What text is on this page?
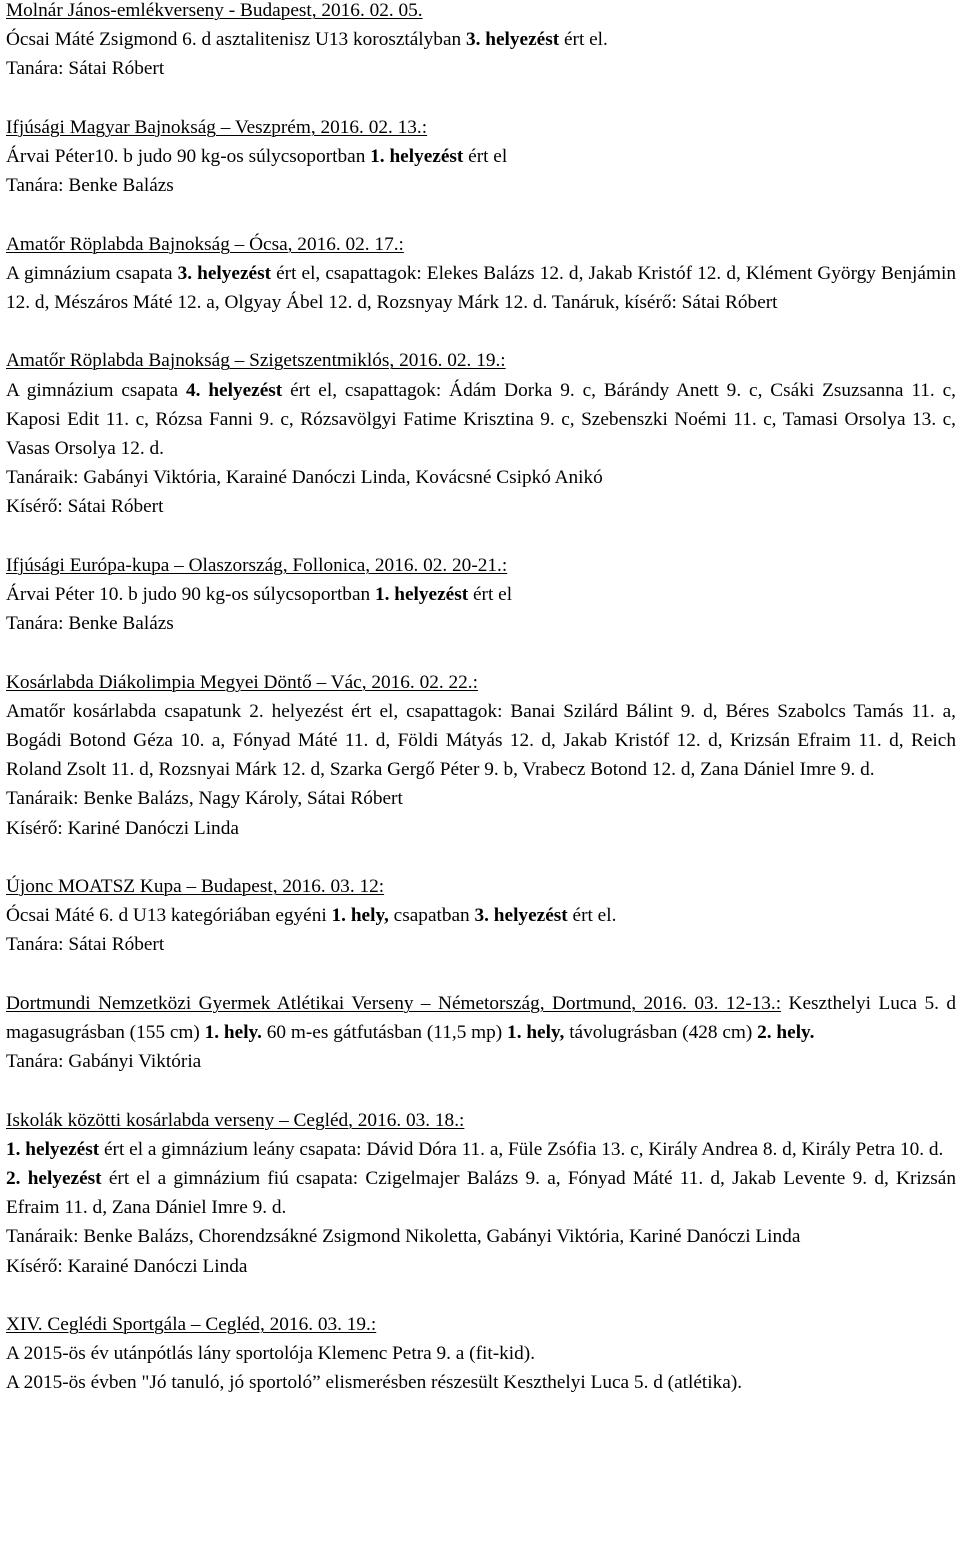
Molnár János-emlékverseny - Budapest, 2016. 02. 05.
Ócsai Máté Zsigmond 6. d asztalitenisz U13 korosztályban 3. helyezést ért el.
Tanára: Sátai Róbert
Ifjúsági Magyar Bajnokság – Veszprém, 2016. 02. 13.:
Árvai Péter10. b judo 90 kg-os súlycsoportban 1. helyezést ért el
Tanára: Benke Balázs
Amatőr Röplabda Bajnokság – Ócsa, 2016. 02. 17.:
A gimnázium csapata 3. helyezést ért el, csapattagok: Elekes Balázs 12. d, Jakab Kristóf 12. d, Klément György Benjámin 12. d, Mészáros Máté 12. a, Olgyay Ábel 12. d, Rozsnyay Márk 12. d. Tanáruk, kísérő: Sátai Róbert
Amatőr Röplabda Bajnokság – Szigetszentmiklós, 2016. 02. 19.:
A gimnázium csapata 4. helyezést ért el, csapattagok: Ádám Dorka 9. c, Bárándy Anett 9. c, Csáki Zsuzsanna 11. c, Kaposi Edit 11. c, Rózsa Fanni 9. c, Rózsavölgyi Fatime Krisztina 9. c, Szebenszki Noémi 11. c, Tamasi Orsolya 13. c, Vasas Orsolya 12. d.
Tanáraik: Gabányi Viktória, Karainé Danóczi Linda, Kovácsné Csipkó Anikó
Kísérő: Sátai Róbert
Ifjúsági Európa-kupa – Olaszország, Follonica, 2016. 02. 20-21.:
Árvai Péter 10. b judo 90 kg-os súlycsoportban 1. helyezést ért el
Tanára: Benke Balázs
Kosárlabda Diákolimpia Megyei Döntő – Vác, 2016. 02. 22.:
Amatőr kosárlabda csapatunk 2. helyezést ért el, csapattagok: Banai Szilárd Bálint 9. d, Béres Szabolcs Tamás 11. a, Bogádi Botond Géza 10. a, Fónyad Máté 11. d, Földi Mátyás 12. d, Jakab Kristóf 12. d, Krizsán Efraim 11. d, Reich Roland Zsolt 11. d, Rozsnyai Márk 12. d, Szarka Gergő Péter 9. b, Vrabecz Botond 12. d, Zana Dániel Imre 9. d.
Tanáraik: Benke Balázs, Nagy Károly, Sátai Róbert
Kísérő: Kariné Danóczi Linda
Újonc MOATSZ Kupa – Budapest, 2016. 03. 12:
Ócsai Máté 6. d U13 kategóriában egyéni 1. hely, csapatban 3. helyezést ért el.
Tanára: Sátai Róbert
Dortmundi Nemzetközi Gyermek Atlétikai Verseny – Németország, Dortmund, 2016. 03. 12-13.: Keszthelyi Luca 5. d magasugrásban (155 cm) 1. hely. 60 m-es gátfutásban (11,5 mp) 1. hely, távolugrásban (428 cm) 2. hely.
Tanára: Gabányi Viktória
Iskolák közötti kosárlabda verseny – Cegléd, 2016. 03. 18.:
1. helyezést ért el a gimnázium leány csapata: Dávid Dóra 11. a, Füle Zsófia 13. c, Király Andrea 8. d, Király Petra 10. d.
2. helyezést ért el a gimnázium fiú csapata: Czigelmajer Balázs 9. a, Fónyad Máté 11. d, Jakab Levente 9. d, Krizsán Efraim 11. d, Zana Dániel Imre 9. d.
Tanáraik: Benke Balázs, Chorendzsákné Zsigmond Nikoletta, Gabányi Viktória, Kariné Danóczi Linda
Kísérő: Karainé Danóczi Linda
XIV. Ceglédi Sportgála – Cegléd, 2016. 03. 19.:
A 2015-ös év utánpótlás lány sportolója Klemenc Petra 9. a (fit-kid).
A 2015-ös évben "Jó tanuló, jó sportoló” elismerésben részesült Keszthelyi Luca 5. d (atlétika).
